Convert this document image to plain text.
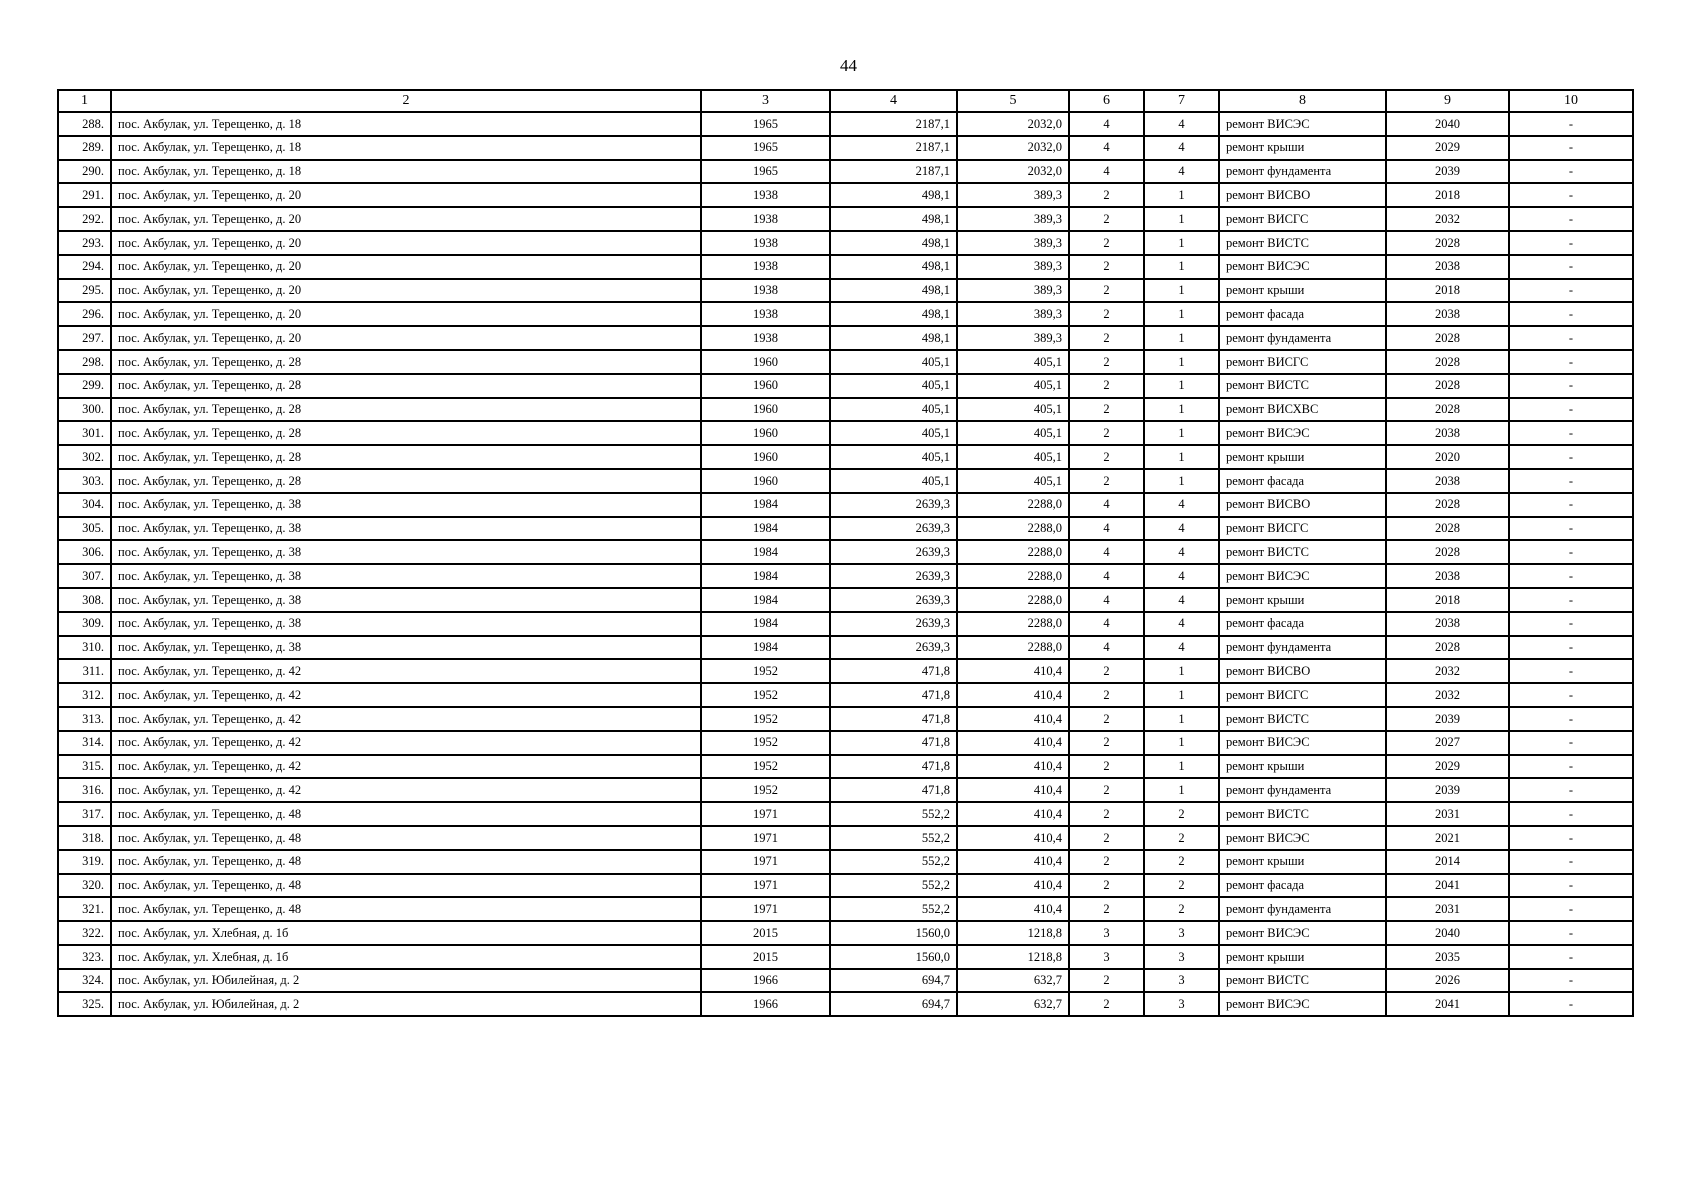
44
1	2	3	4	5	6	7	8	9	10
288.	пос. Акбулак, ул. Терещенко, д. 18	1965	2187,1	2032,0	4	4	ремонт ВИСЭС	2040	-
289.	пос. Акбулак, ул. Терещенко, д. 18	1965	2187,1	2032,0	4	4	ремонт крыши	2029	-
290.	пос. Акбулак, ул. Терещенко, д. 18	1965	2187,1	2032,0	4	4	ремонт фундамента	2039	-
291.	пос. Акбулак, ул. Терещенко, д. 20	1938	498,1	389,3	2	1	ремонт ВИСВО	2018	-
292.	пос. Акбулак, ул. Терещенко, д. 20	1938	498,1	389,3	2	1	ремонт ВИСГС	2032	-
293.	пос. Акбулак, ул. Терещенко, д. 20	1938	498,1	389,3	2	1	ремонт ВИСТС	2028	-
294.	пос. Акбулак, ул. Терещенко, д. 20	1938	498,1	389,3	2	1	ремонт ВИСЭС	2038	-
295.	пос. Акбулак, ул. Терещенко, д. 20	1938	498,1	389,3	2	1	ремонт крыши	2018	-
296.	пос. Акбулак, ул. Терещенко, д. 20	1938	498,1	389,3	2	1	ремонт фасада	2038	-
297.	пос. Акбулак, ул. Терещенко, д. 20	1938	498,1	389,3	2	1	ремонт фундамента	2028	-
298.	пос. Акбулак, ул. Терещенко, д. 28	1960	405,1	405,1	2	1	ремонт ВИСГС	2028	-
299.	пос. Акбулак, ул. Терещенко, д. 28	1960	405,1	405,1	2	1	ремонт ВИСТС	2028	-
300.	пос. Акбулак, ул. Терещенко, д. 28	1960	405,1	405,1	2	1	ремонт ВИСХВС	2028	-
301.	пос. Акбулак, ул. Терещенко, д. 28	1960	405,1	405,1	2	1	ремонт ВИСЭС	2038	-
302.	пос. Акбулак, ул. Терещенко, д. 28	1960	405,1	405,1	2	1	ремонт крыши	2020	-
303.	пос. Акбулак, ул. Терещенко, д. 28	1960	405,1	405,1	2	1	ремонт фасада	2038	-
304.	пос. Акбулак, ул. Терещенко, д. 38	1984	2639,3	2288,0	4	4	ремонт ВИСВО	2028	-
305.	пос. Акбулак, ул. Терещенко, д. 38	1984	2639,3	2288,0	4	4	ремонт ВИСГС	2028	-
306.	пос. Акбулак, ул. Терещенко, д. 38	1984	2639,3	2288,0	4	4	ремонт ВИСТС	2028	-
307.	пос. Акбулак, ул. Терещенко, д. 38	1984	2639,3	2288,0	4	4	ремонт ВИСЭС	2038	-
308.	пос. Акбулак, ул. Терещенко, д. 38	1984	2639,3	2288,0	4	4	ремонт крыши	2018	-
309.	пос. Акбулак, ул. Терещенко, д. 38	1984	2639,3	2288,0	4	4	ремонт фасада	2038	-
310.	пос. Акбулак, ул. Терещенко, д. 38	1984	2639,3	2288,0	4	4	ремонт фундамента	2028	-
311.	пос. Акбулак, ул. Терещенко, д. 42	1952	471,8	410,4	2	1	ремонт ВИСВО	2032	-
312.	пос. Акбулак, ул. Терещенко, д. 42	1952	471,8	410,4	2	1	ремонт ВИСГС	2032	-
313.	пос. Акбулак, ул. Терещенко, д. 42	1952	471,8	410,4	2	1	ремонт ВИСТС	2039	-
314.	пос. Акбулак, ул. Терещенко, д. 42	1952	471,8	410,4	2	1	ремонт ВИСЭС	2027	-
315.	пос. Акбулак, ул. Терещенко, д. 42	1952	471,8	410,4	2	1	ремонт крыши	2029	-
316.	пос. Акбулак, ул. Терещенко, д. 42	1952	471,8	410,4	2	1	ремонт фундамента	2039	-
317.	пос. Акбулак, ул. Терещенко, д. 48	1971	552,2	410,4	2	2	ремонт ВИСТС	2031	-
318.	пос. Акбулак, ул. Терещенко, д. 48	1971	552,2	410,4	2	2	ремонт ВИСЭС	2021	-
319.	пос. Акбулак, ул. Терещенко, д. 48	1971	552,2	410,4	2	2	ремонт крыши	2014	-
320.	пос. Акбулак, ул. Терещенко, д. 48	1971	552,2	410,4	2	2	ремонт фасада	2041	-
321.	пос. Акбулак, ул. Терещенко, д. 48	1971	552,2	410,4	2	2	ремонт фундамента	2031	-
322.	пос. Акбулак, ул. Хлебная, д. 1б	2015	1560,0	1218,8	3	3	ремонт ВИСЭС	2040	-
323.	пос. Акбулак, ул. Хлебная, д. 1б	2015	1560,0	1218,8	3	3	ремонт крыши	2035	-
324.	пос. Акбулак, ул. Юбилейная, д. 2	1966	694,7	632,7	2	3	ремонт ВИСТС	2026	-
325.	пос. Акбулак, ул. Юбилейная, д. 2	1966	694,7	632,7	2	3	ремонт ВИСЭС	2041	-
